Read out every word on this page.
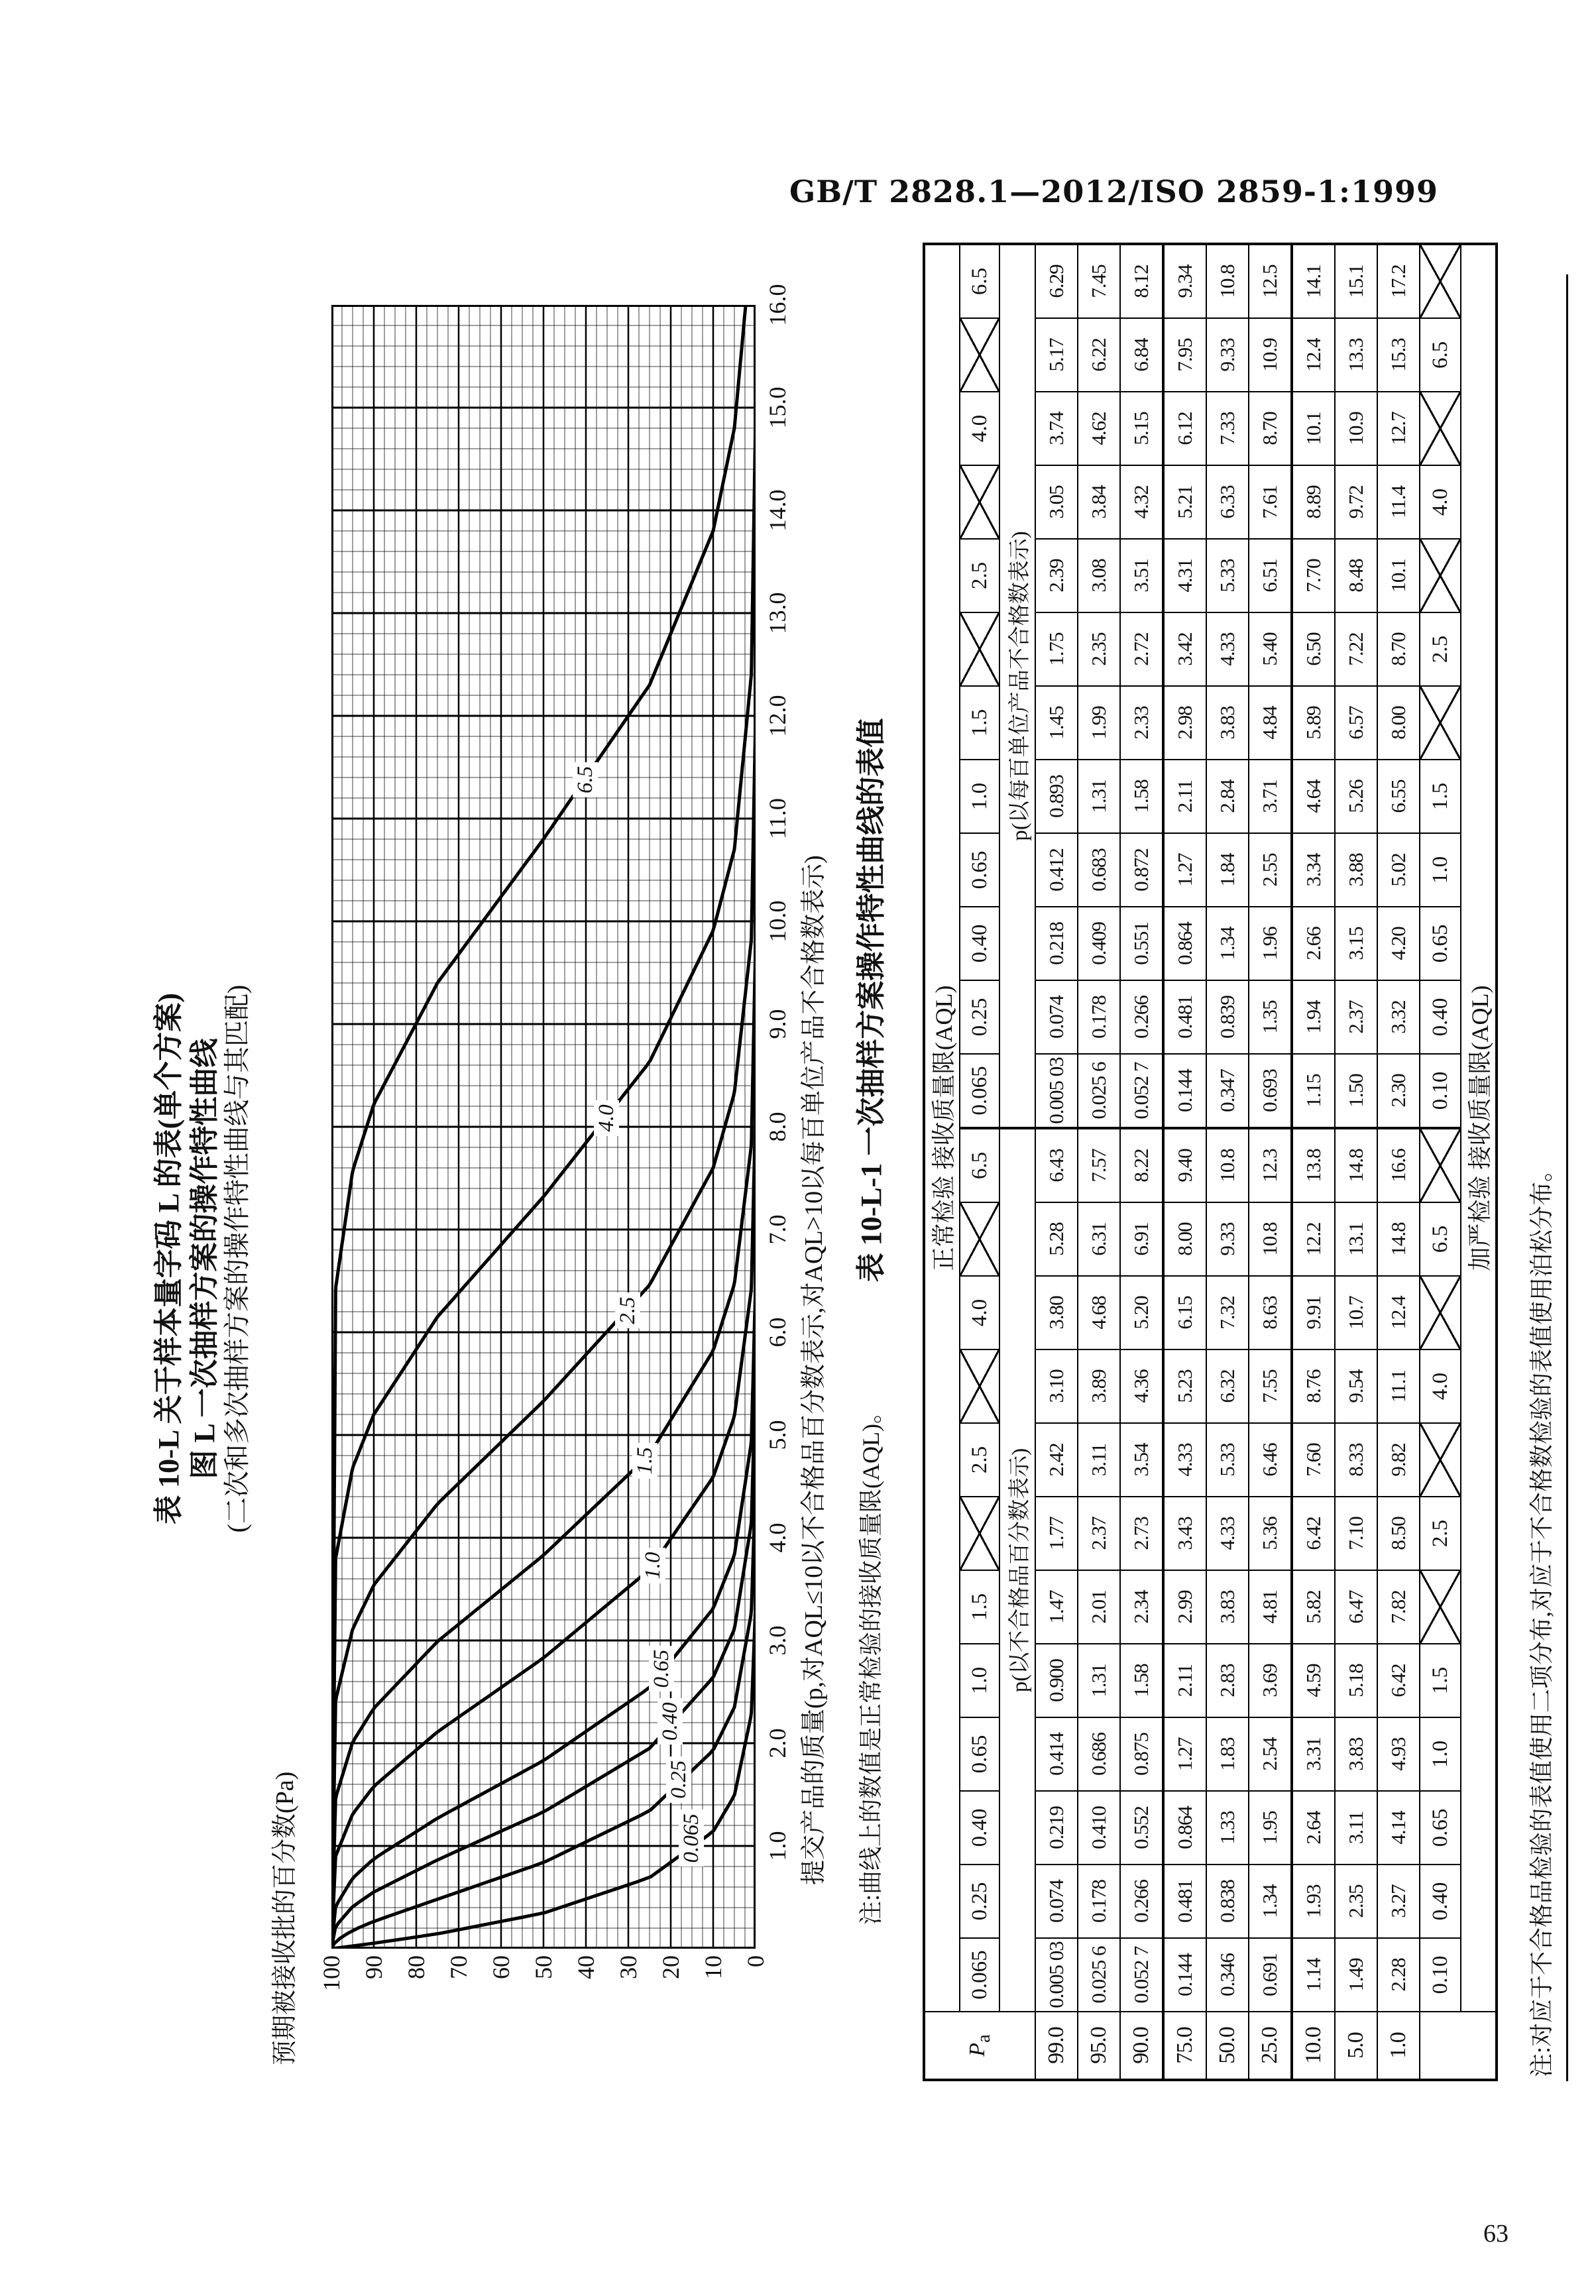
GB/T 2828.1—2012/ISO 2859-1:1999
63
表 10-L 关于样本量字码 L 的表(单个方案) 图 L 一次抽样方案的操作特性曲线 (二次和多次抽样方案的操作特性曲线与其匹配)
预期被接收批的百分数(Pa)	1.0
2.0
3.0
4.0
5.0
6.0
7.0
8.0
9.0
10.0
11.0
12.0
13.0
14.0
15.0
16.0
100 90 80 70 60 50 40 30 20 10 0
0.065
0.25
0.40
0.65
1.0
1.5
2.5
4.0
6.5
提交产品的质量(p,对AQL≤10以不合格品百分数表示,对AQL>10以每百单位产品不合格数表示) 注:曲线上的数值是正常检验的接收质量限(AQL)。
表 10-L-1 一次抽样方案操作特性曲线的表值
$P_a$	正常检验 接收质量限(AQL)																							
	0.065	0.25	0.40	0.65	1.0	1.5		2.5		4.0		6.5	0.065	0.25	0.40	0.65	1.0	1.5		2.5		4.0		6.5
	p(以不合格品百分数表示)												p(以每百单位产品不合格数表示)											
99.0	0.005 03	0.074	0.219	0.414	0.900	1.47	1.77	2.42	3.10	3.80	5.28	6.43	0.005 03	0.074	0.218	0.412	0.893	1.45	1.75	2.39	3.05	3.74	5.17	6.29
95.0	0.025 6	0.178	0.410	0.686	1.31	2.01	2.37	3.11	3.89	4.68	6.31	7.57	0.025 6	0.178	0.409	0.683	1.31	1.99	2.35	3.08	3.84	4.62	6.22	7.45
90.0	0.052 7	0.266	0.552	0.875	1.58	2.34	2.73	3.54	4.36	5.20	6.91	8.22	0.052 7	0.266	0.551	0.872	1.58	2.33	2.72	3.51	4.32	5.15	6.84	8.12
75.0	0.144	0.481	0.864	1.27	2.11	2.99	3.43	4.33	5.23	6.15	8.00	9.40	0.144	0.481	0.864	1.27	2.11	2.98	3.42	4.31	5.21	6.12	7.95	9.34
50.0	0.346	0.838	1.33	1.83	2.83	3.83	4.33	5.33	6.32	7.32	9.33	10.8	0.347	0.839	1.34	1.84	2.84	3.83	4.33	5.33	6.33	7.33	9.33	10.8
25.0	0.691	1.34	1.95	2.54	3.69	4.81	5.36	6.46	7.55	8.63	10.8	12.3	0.693	1.35	1.96	2.55	3.71	4.84	5.40	6.51	7.61	8.70	10.9	12.5
10.0	1.14	1.93	2.64	3.31	4.59	5.82	6.42	7.60	8.76	9.91	12.2	13.8	1.15	1.94	2.66	3.34	4.64	5.89	6.50	7.70	8.89	10.1	12.4	14.1
5.0	1.49	2.35	3.11	3.83	5.18	6.47	7.10	8.33	9.54	10.7	13.1	14.8	1.50	2.37	3.15	3.88	5.26	6.57	7.22	8.48	9.72	10.9	13.3	15.1
1.0	2.28	3.27	4.14	4.93	6.42	7.82	8.50	9.82	11.1	12.4	14.8	16.6	2.30	3.32	4.20	5.02	6.55	8.00	8.70	10.1	11.4	12.7	15.3	17.2
	0.10	0.40	0.65	1.0	1.5		2.5		4.0		6.5		0.10	0.40	0.65	1.0	1.5		2.5		4.0		6.5	
	加严检验 接收质量限(AQL)																							
注:对应于不合格品检验的表值使用二项分布,对应于不合格数检验的表值使用泊松分布。
